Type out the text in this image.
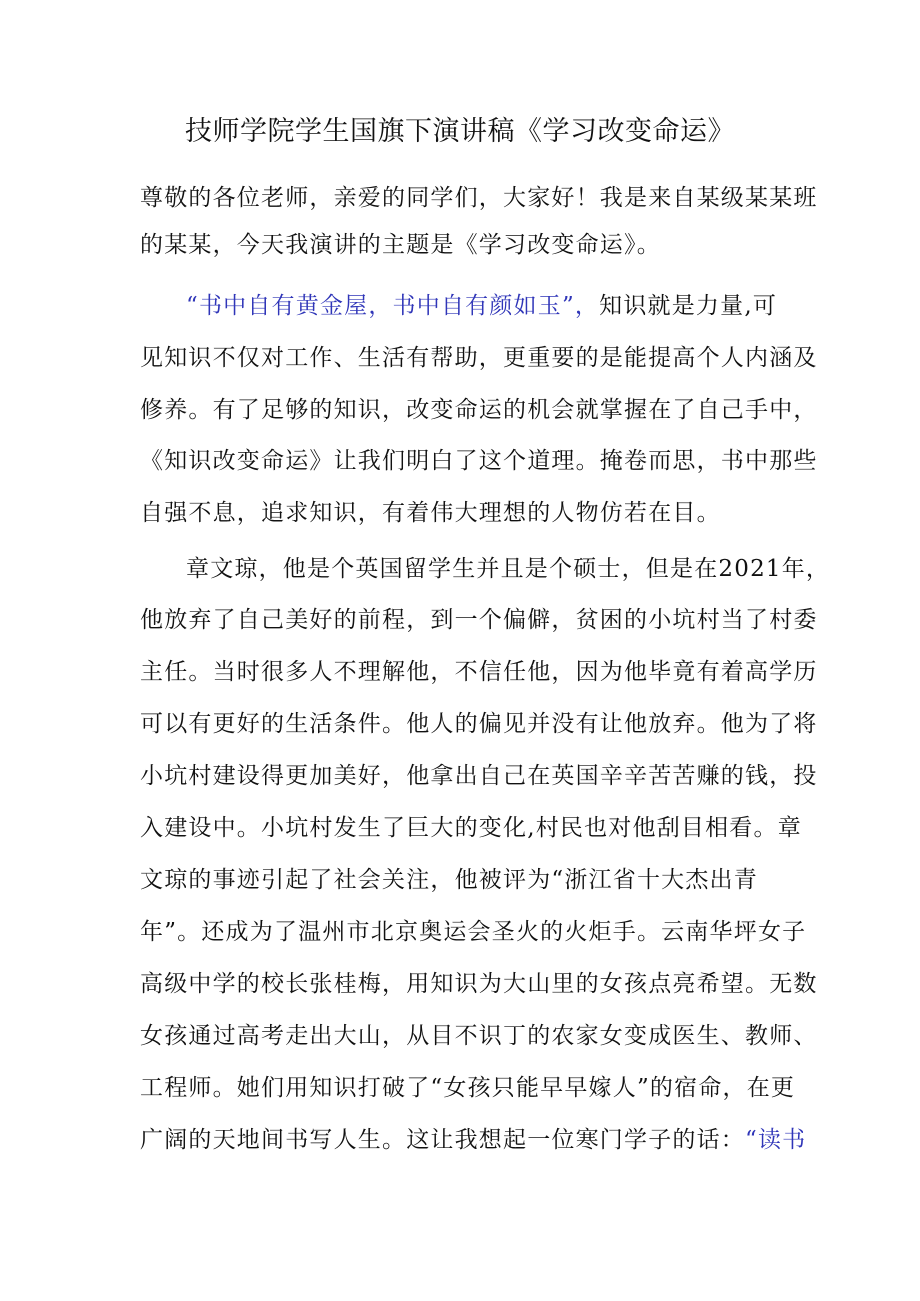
技师学院学生国旗下演讲稿《学习改变命运》
尊敬的各位老师，亲爱的同学们，大家好！我是来自某级某某班
的某某，今天我演讲的主题是《学习改变命运》。
“书中自有黄金屋，书中自有颜如玉”，知识就是力量,可
见知识不仅对工作、生活有帮助，更重要的是能提高个人内涵及
修养。有了足够的知识，改变命运的机会就掌握在了自己手中，
《知识改变命运》让我们明白了这个道理。掩卷而思，书中那些
自强不息，追求知识，有着伟大理想的人物仿若在目。
章文琼，他是个英国留学生并且是个硕士，但是在2021年，
他放弃了自己美好的前程，到一个偏僻，贫困的小坑村当了村委
主任。当时很多人不理解他，不信任他，因为他毕竟有着高学历
可以有更好的生活条件。他人的偏见并没有让他放弃。他为了将
小坑村建设得更加美好，他拿出自己在英国辛辛苦苦赚的钱，投
入建设中。小坑村发生了巨大的变化,村民也对他刮目相看。章
文琼的事迹引起了社会关注，他被评为“浙江省十大杰出青
年”。还成为了温州市北京奥运会圣火的火炬手。云南华坪女子
高级中学的校长张桂梅，用知识为大山里的女孩点亮希望。无数
女孩通过高考走出大山，从目不识丁的农家女变成医生、教师、
工程师。她们用知识打破了“女孩只能早早嫁人”的宿命，在更
广阔的天地间书写人生。这让我想起一位寒门学子的话：“读书
